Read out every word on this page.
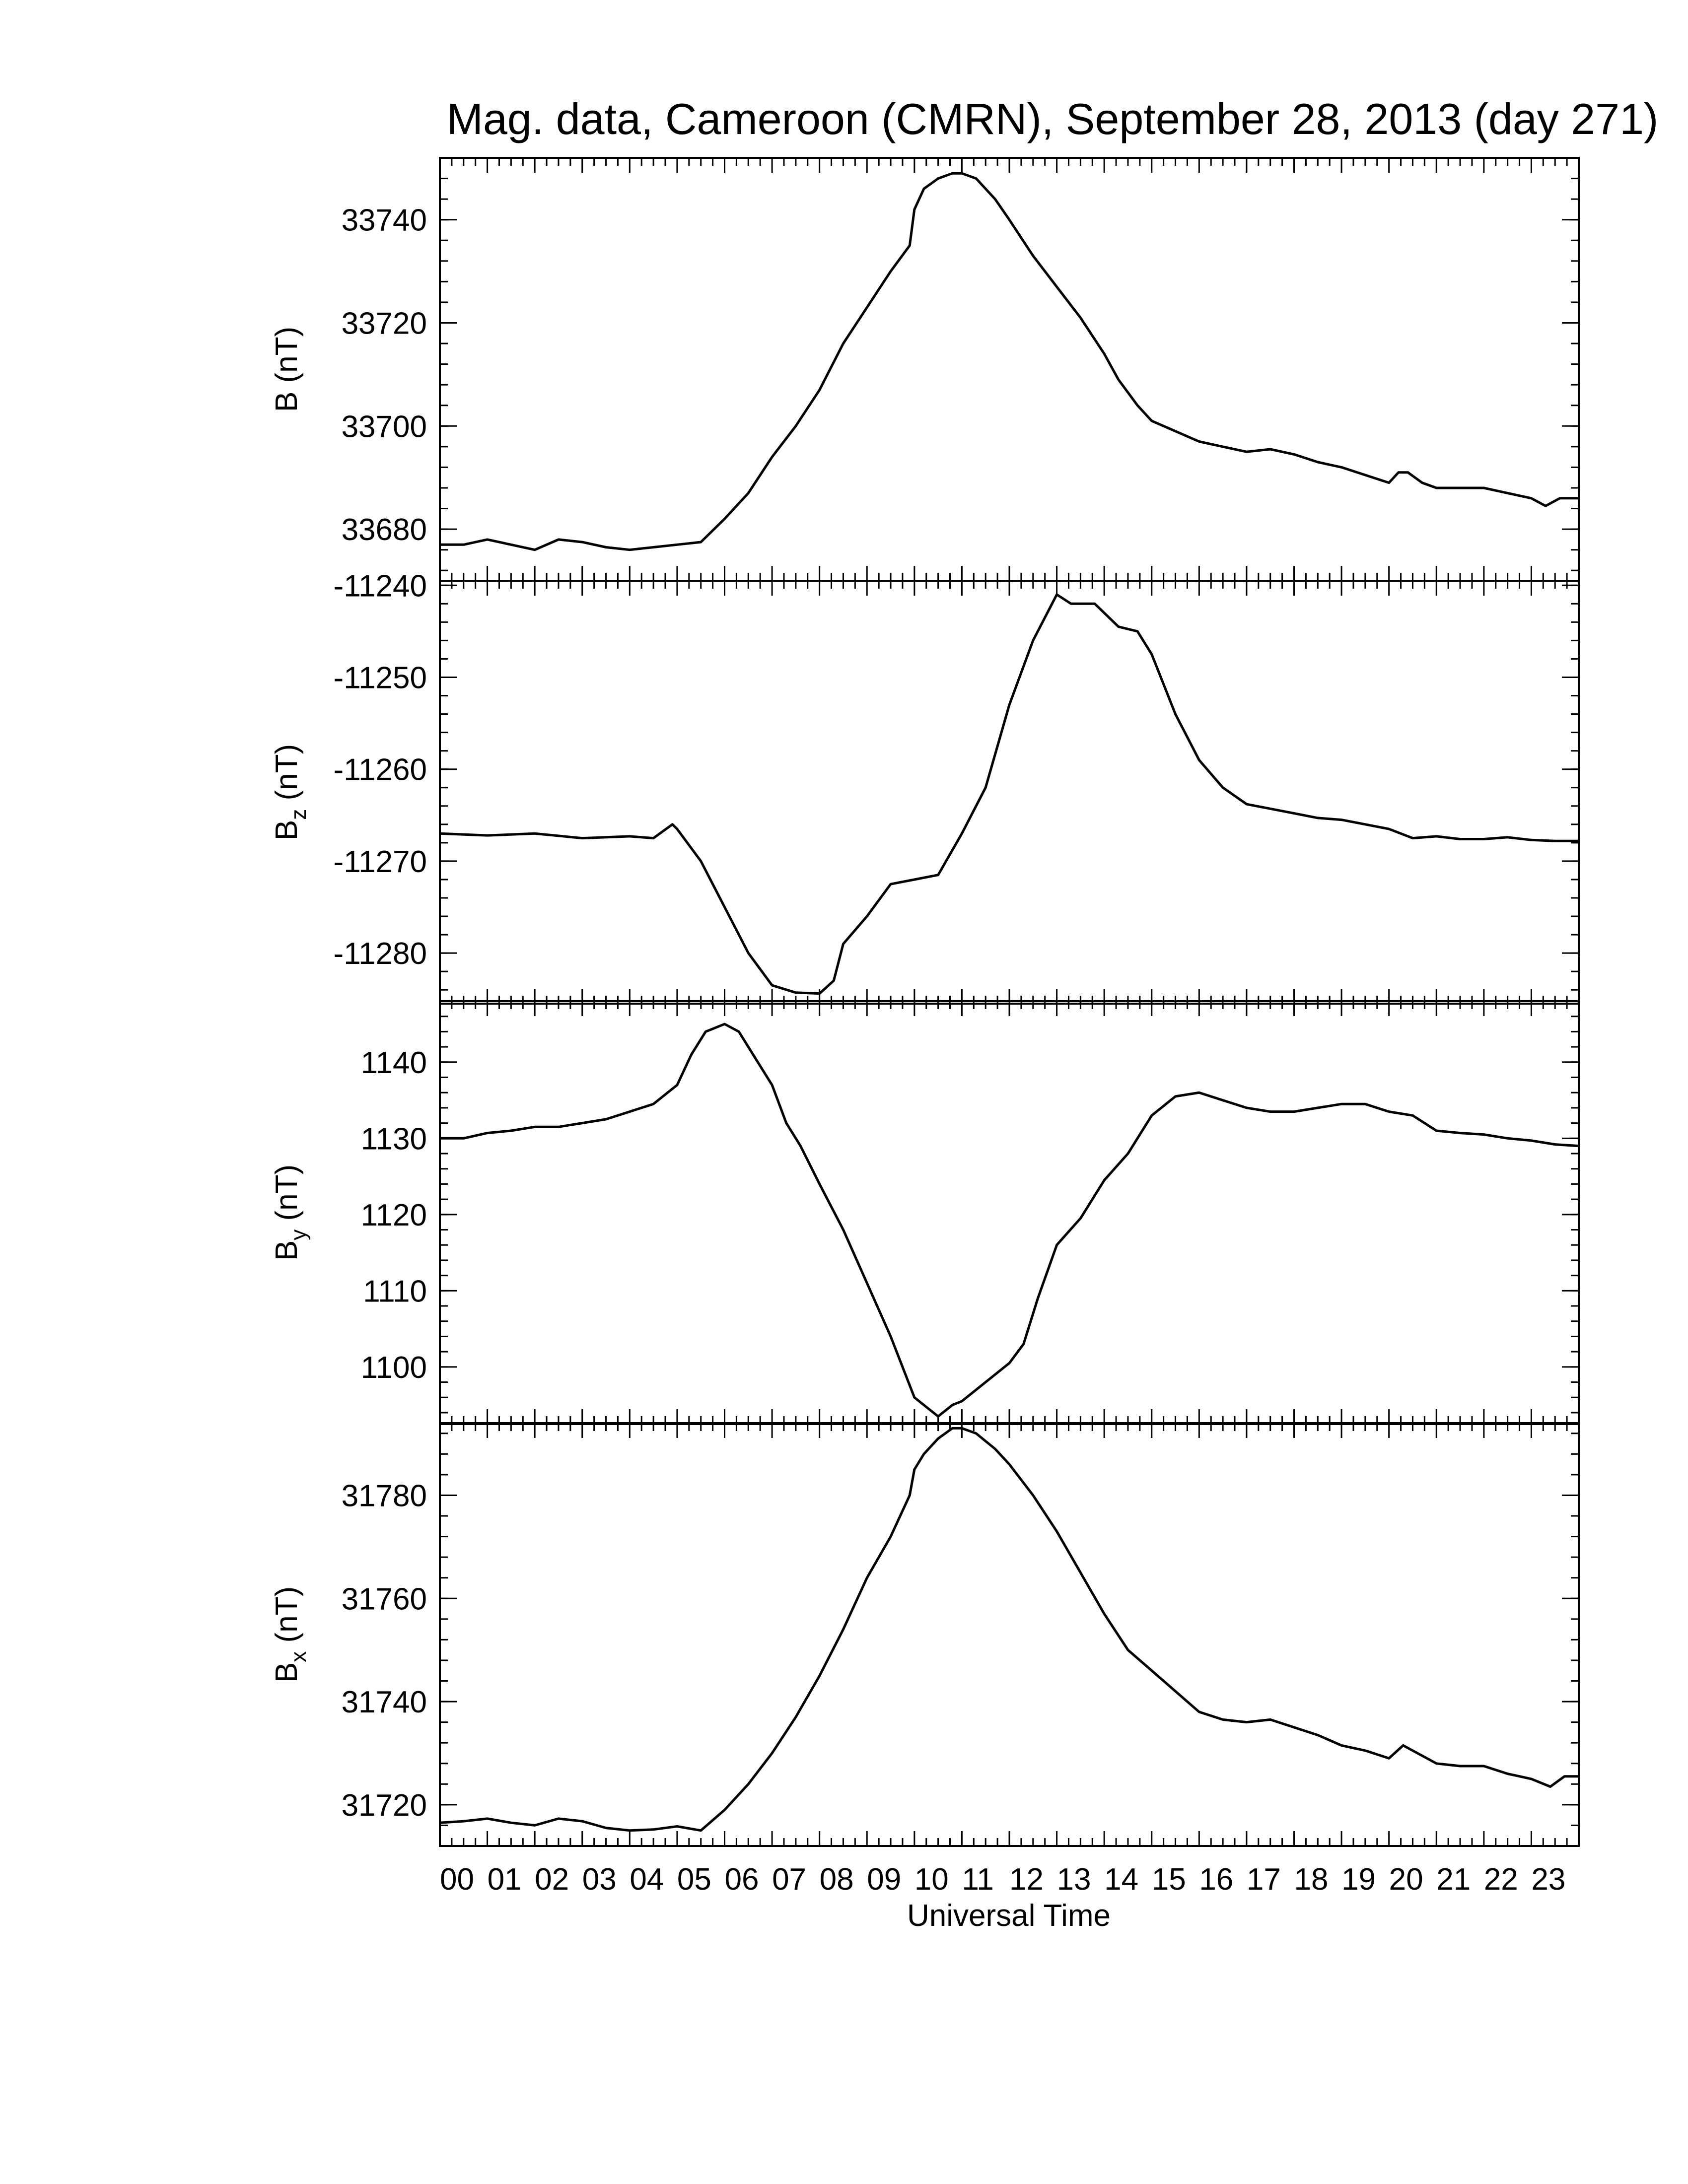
Mag. data, Cameroon (CMRN), September 28, 2013 (day 271)
33680
33700
33720
33740
B (nT)
-11240
-11250
-11260
-11270
-11280
$B_z$ (nT)
1100
1110
1120
1130
1140
$B_y$ (nT)
31720
31740
31760
31780
$B_x$ (nT)
00 01 02 03 04 05 06 07 08 09 10 11 12 13 14 15 16 17 18 19 20 21 22 23
Universal Time
